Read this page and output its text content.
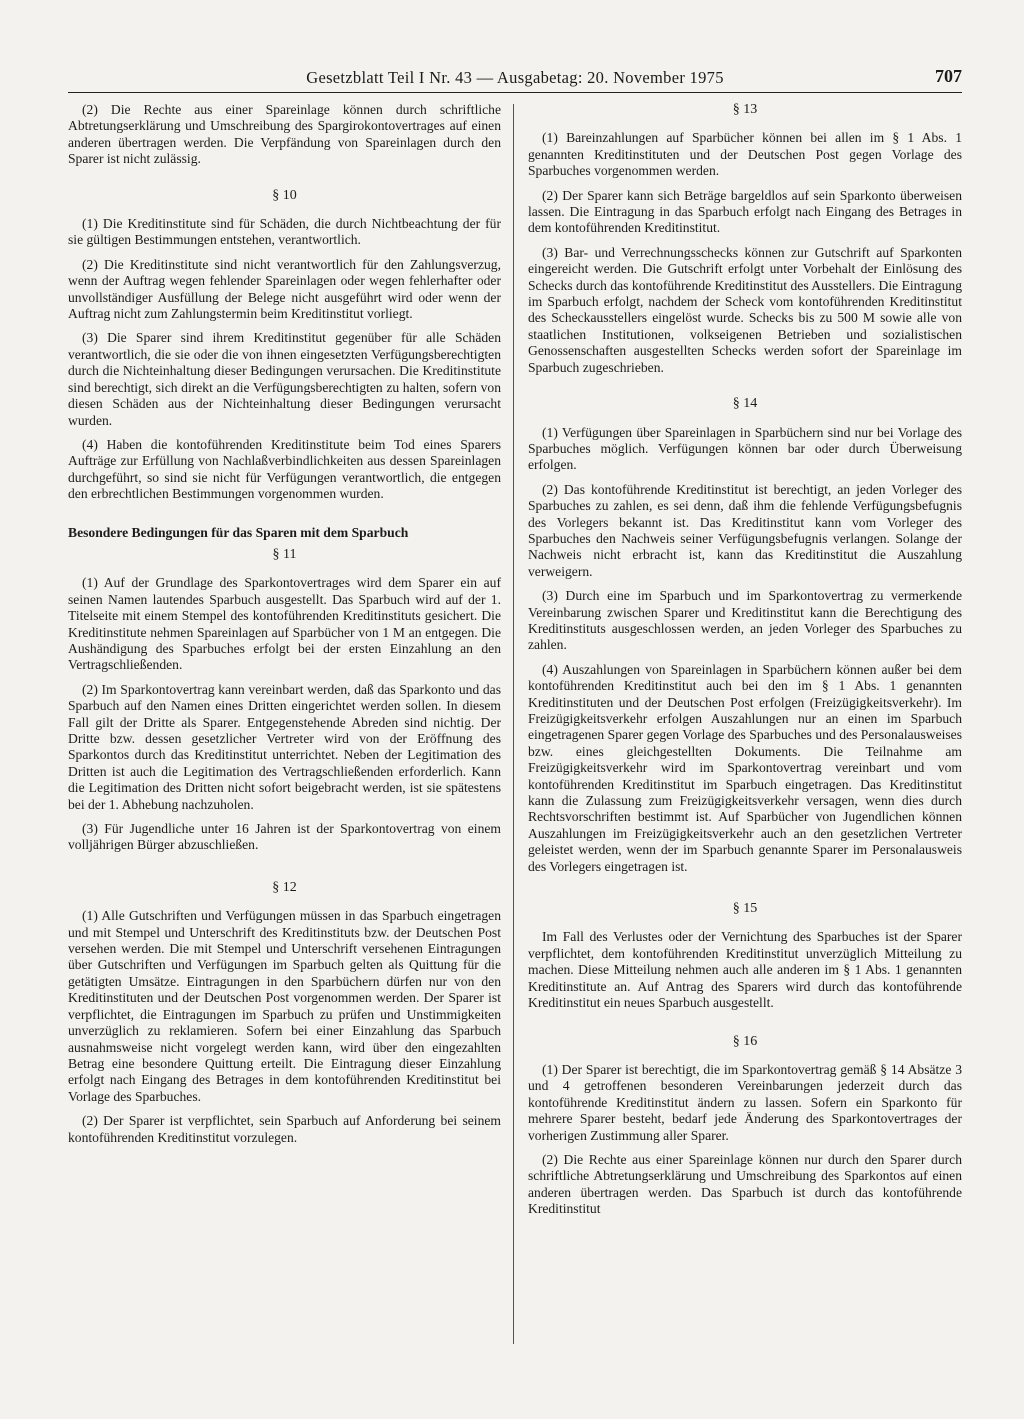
Gesetzblatt Teil I Nr. 43 — Ausgabetag: 20. November 1975	707

(2) Die Rechte aus einer Spareinlage können durch schriftliche Abtretungserklärung und Umschreibung des Spargirokontovertrages auf einen anderen übertragen werden. Die Verpfändung von Spareinlagen durch den Sparer ist nicht zulässig.

§ 10

(1) Die Kreditinstitute sind für Schäden, die durch Nichtbeachtung der für sie gültigen Bestimmungen entstehen, verantwortlich.

(2) Die Kreditinstitute sind nicht verantwortlich für den Zahlungsverzug, wenn der Auftrag wegen fehlender Spareinlagen oder wegen fehlerhafter oder unvollständiger Ausfüllung der Belege nicht ausgeführt wird oder wenn der Auftrag nicht zum Zahlungstermin beim Kreditinstitut vorliegt.

(3) Die Sparer sind ihrem Kreditinstitut gegenüber für alle Schäden verantwortlich, die sie oder die von ihnen eingesetzten Verfügungsberechtigten durch die Nichteinhaltung dieser Bedingungen verursachen. Die Kreditinstitute sind berechtigt, sich direkt an die Verfügungsberechtigten zu halten, sofern von diesen Schäden aus der Nichteinhaltung dieser Bedingungen verursacht wurden.

(4) Haben die kontoführenden Kreditinstitute beim Tod eines Sparers Aufträge zur Erfüllung von Nachlaßverbindlichkeiten aus dessen Spareinlagen durchgeführt, so sind sie nicht für Verfügungen verantwortlich, die entgegen den erbrechtlichen Bestimmungen vorgenommen wurden.

Besondere Bedingungen für das Sparen mit dem Sparbuch
§ 11

(1) Auf der Grundlage des Sparkontovertrages wird dem Sparer ein auf seinen Namen lautendes Sparbuch ausgestellt. Das Sparbuch wird auf der 1. Titelseite mit einem Stempel des kontoführenden Kreditinstituts gesichert. Die Kreditinstitute nehmen Spareinlagen auf Sparbücher von 1 M an entgegen. Die Aushändigung des Sparbuches erfolgt bei der ersten Einzahlung an den Vertragschließenden.

(2) Im Sparkontovertrag kann vereinbart werden, daß das Sparkonto und das Sparbuch auf den Namen eines Dritten eingerichtet werden sollen. In diesem Fall gilt der Dritte als Sparer. Entgegenstehende Abreden sind nichtig. Der Dritte bzw. dessen gesetzlicher Vertreter wird von der Eröffnung des Sparkontos durch das Kreditinstitut unterrichtet. Neben der Legitimation des Dritten ist auch die Legitimation des Vertragschließenden erforderlich. Kann die Legitimation des Dritten nicht sofort beigebracht werden, ist sie spätestens bei der 1. Abhebung nachzuholen.

(3) Für Jugendliche unter 16 Jahren ist der Sparkontovertrag von einem volljährigen Bürger abzuschließen.

§ 12

(1) Alle Gutschriften und Verfügungen müssen in das Sparbuch eingetragen und mit Stempel und Unterschrift des Kreditinstituts bzw. der Deutschen Post versehen werden. Die mit Stempel und Unterschrift versehenen Eintragungen über Gutschriften und Verfügungen im Sparbuch gelten als Quittung für die getätigten Umsätze. Eintragungen in den Sparbüchern dürfen nur von den Kreditinstituten und der Deutschen Post vorgenommen werden. Der Sparer ist verpflichtet, die Eintragungen im Sparbuch zu prüfen und Unstimmigkeiten unverzüglich zu reklamieren. Sofern bei einer Einzahlung das Sparbuch ausnahmsweise nicht vorgelegt werden kann, wird über den eingezahlten Betrag eine besondere Quittung erteilt. Die Eintragung dieser Einzahlung erfolgt nach Eingang des Betrages in dem kontoführenden Kreditinstitut bei Vorlage des Sparbuches.

(2) Der Sparer ist verpflichtet, sein Sparbuch auf Anforderung bei seinem kontoführenden Kreditinstitut vorzulegen.

§ 13

(1) Bareinzahlungen auf Sparbücher können bei allen im § 1 Abs. 1 genannten Kreditinstituten und der Deutschen Post gegen Vorlage des Sparbuches vorgenommen werden.

(2) Der Sparer kann sich Beträge bargeldlos auf sein Sparkonto überweisen lassen. Die Eintragung in das Sparbuch erfolgt nach Eingang des Betrages in dem kontoführenden Kreditinstitut.

(3) Bar- und Verrechnungsschecks können zur Gutschrift auf Sparkonten eingereicht werden. Die Gutschrift erfolgt unter Vorbehalt der Einlösung des Schecks durch das kontoführende Kreditinstitut des Ausstellers. Die Eintragung im Sparbuch erfolgt, nachdem der Scheck vom kontoführenden Kreditinstitut des Scheckausstellers eingelöst wurde. Schecks bis zu 500 M sowie alle von staatlichen Institutionen, volkseigenen Betrieben und sozialistischen Genossenschaften ausgestellten Schecks werden sofort der Spareinlage im Sparbuch zugeschrieben.

§ 14

(1) Verfügungen über Spareinlagen in Sparbüchern sind nur bei Vorlage des Sparbuches möglich. Verfügungen können bar oder durch Überweisung erfolgen.

(2) Das kontoführende Kreditinstitut ist berechtigt, an jeden Vorleger des Sparbuches zu zahlen, es sei denn, daß ihm die fehlende Verfügungsbefugnis des Vorlegers bekannt ist. Das Kreditinstitut kann vom Vorleger des Sparbuches den Nachweis seiner Verfügungsbefugnis verlangen. Solange der Nachweis nicht erbracht ist, kann das Kreditinstitut die Auszahlung verweigern.

(3) Durch eine im Sparbuch und im Sparkontovertrag zu vermerkende Vereinbarung zwischen Sparer und Kreditinstitut kann die Berechtigung des Kreditinstituts ausgeschlossen werden, an jeden Vorleger des Sparbuches zu zahlen.

(4) Auszahlungen von Spareinlagen in Sparbüchern können außer bei dem kontoführenden Kreditinstitut auch bei den im § 1 Abs. 1 genannten Kreditinstituten und der Deutschen Post erfolgen (Freizügigkeitsverkehr). Im Freizügigkeitsverkehr erfolgen Auszahlungen nur an einen im Sparbuch eingetragenen Sparer gegen Vorlage des Sparbuches und des Personalausweises bzw. eines gleichgestellten Dokuments. Die Teilnahme am Freizügigkeitsverkehr wird im Sparkontovertrag vereinbart und vom kontoführenden Kreditinstitut im Sparbuch eingetragen. Das Kreditinstitut kann die Zulassung zum Freizügigkeitsverkehr versagen, wenn dies durch Rechtsvorschriften bestimmt ist. Auf Sparbücher von Jugendlichen können Auszahlungen im Freizügigkeitsverkehr auch an den gesetzlichen Vertreter geleistet werden, wenn der im Sparbuch genannte Sparer im Personalausweis des Vorlegers eingetragen ist.

§ 15

Im Fall des Verlustes oder der Vernichtung des Sparbuches ist der Sparer verpflichtet, dem kontoführenden Kreditinstitut unverzüglich Mitteilung zu machen. Diese Mitteilung nehmen auch alle anderen im § 1 Abs. 1 genannten Kreditinstitute an. Auf Antrag des Sparers wird durch das kontoführende Kreditinstitut ein neues Sparbuch ausgestellt.

§ 16

(1) Der Sparer ist berechtigt, die im Sparkontovertrag gemäß § 14 Absätze 3 und 4 getroffenen besonderen Vereinbarungen jederzeit durch das kontoführende Kreditinstitut ändern zu lassen. Sofern ein Sparkonto für mehrere Sparer besteht, bedarf jede Änderung des Sparkontovertrages der vorherigen Zustimmung aller Sparer.

(2) Die Rechte aus einer Spareinlage können nur durch den Sparer durch schriftliche Abtretungserklärung und Umschreibung des Sparkontos auf einen anderen übertragen werden. Das Sparbuch ist durch das kontoführende Kreditinstitut
